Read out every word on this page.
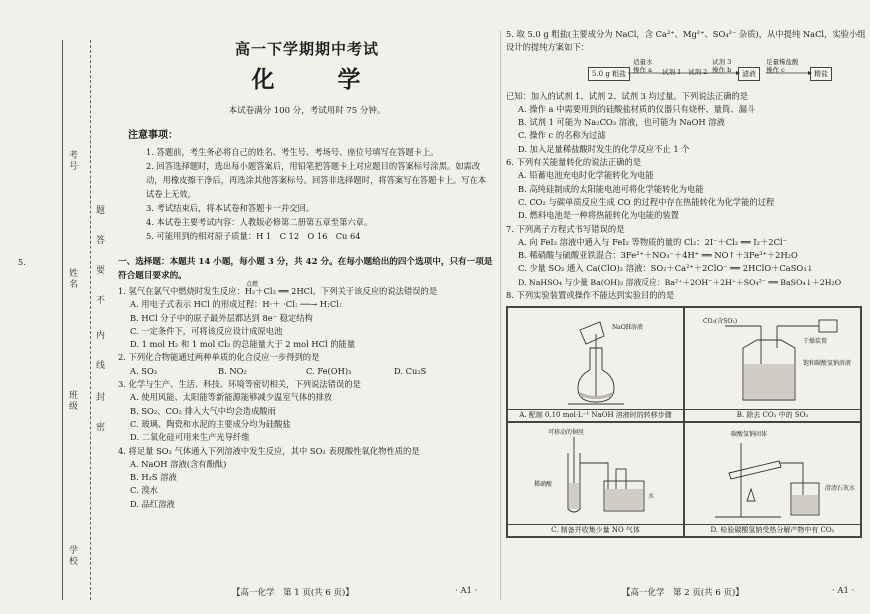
考号
姓名
班级
学校
题
答
要
不
内
线
封
密
5.
高一下学期期中考试
化　学
本试卷满分 100 分，考试用时 75 分钟。
注意事项：
1. 答题前，考生务必将自己的姓名、考生号、考场号、座位号填写在答题卡上。
2. 回答选择题时，选出每小题答案后，用铅笔把答题卡上对应题目的答案标号涂黑。如需改动，用橡皮擦干净后，再选涂其他答案标号。回答非选择题时，将答案写在答题卡上。写在本试卷上无效。
3. 考试结束后，将本试卷和答题卡一并交回。
4. 本试卷主要考试内容：人教版必修第二册第五章至第六章。
5. 可能用到的相对原子质量：H 1　C 12　O 16　Cu 64
一、选择题：本题共 14 小题，每小题 3 分，共 42 分。在每小题给出的四个选项中，只有一项是符合题目要求的。
1. 氢气在氯气中燃烧时发生反应：H₂＋Cl₂ ══ 2HCl。下列关于该反应的说法错误的是
点燃
A. 用电子式表示 HCl 的形成过程：H·＋ ·Cl: ──→ H:Cl:
B. HCl 分子中的原子最外层都达到 8e⁻ 稳定结构
C. 一定条件下，可将该反应设计成原电池
D. 1 mol H₂ 和 1 mol Cl₂ 的总能量大于 2 mol HCl 的能量
2. 下列化合物能通过两种单质的化合反应一步得到的是
A. SO₃	B. NO₂	C. Fe(OH)₃	D. Cu₂S
3. 化学与生产、生活、科技、环境等密切相关，下列说法错误的是
A. 使用风能、太阳能等新能源能够减少温室气体的排放
B. SO₂、CO₂ 排入大气中均会造成酸雨
C. 玻璃、陶瓷和水泥的主要成分均为硅酸盐
D. 二氧化硅可用来生产光导纤维
4. 将足量 SO₂ 气体通入下列溶液中发生反应，其中 SO₂ 表现酸性氧化物性质的是
A. NaOH 溶液(含有酚酞)
B. H₂S 溶液
C. 溴水
D. 品红溶液
【高一化学　第 1 页(共 6 页)】	· A1 ·
5. 取 5.0 g 粗盐(主要成分为 NaCl，含 Ca²⁺、Mg²⁺、SO₄²⁻ 杂质)，从中提纯 NaCl，实验小组设计的提纯方案如下：
5.0 g 粗盐
适量水
操作 a 试剂 1 试剂 2
试剂 3
操作 b	滤液
足量稀盐酸
操作 c	精盐
已知：加入的试剂 1、试剂 2、试剂 3 均过量。下列说法正确的是
A. 操作 a 中需要用到的硅酸盐材质的仪器只有烧杯、量筒、漏斗
B. 试剂 1 可能为 Na₂CO₃ 溶液，也可能为 NaOH 溶液
C. 操作 c 的名称为过滤
D. 加入足量稀盐酸时发生的化学反应不止 1 个
6. 下列有关能量转化的说法正确的是
A. 铅蓄电池充电时化学能转化为电能
B. 高纯硅制成的太阳能电池可将化学能转化为电能
C. CO₂ 与碳单质反应生成 CO 的过程中存在热能转化为化学能的过程
D. 燃料电池是一种将热能转化为电能的装置
7. 下列离子方程式书写错误的是
A. 向 FeI₂ 溶液中通入与 FeI₂ 等物质的量的 Cl₂：2I⁻＋Cl₂ ══ I₂＋2Cl⁻
B. 稀硝酸与硫酸亚铁混合：3Fe²⁺＋NO₃⁻＋4H⁺ ══ NO↑＋3Fe³⁺＋2H₂O
C. 少量 SO₂ 通入 Ca(ClO)₂ 溶液：SO₂＋Ca²⁺＋2ClO⁻ ══ 2HClO＋CaSO₃↓
D. NaHSO₄ 与少量 Ba(OH)₂ 溶液反应：Ba²⁺＋2OH⁻＋2H⁺＋SO₄²⁻ ══ BaSO₄↓＋2H₂O
8. 下列实验装置或操作不能达到实验目的的是
NaOH溶液
A. 配制 0.10 mol·L⁻¹ NaOH 溶液时的转移步骤
CO₂(含SO₂)
干燥装置
饱和碳酸氢钠溶液
B. 除去 CO₂ 中的 SO₂
可移动的铜丝
稀硝酸
水
C. 制备并收集少量 NO 气体
碳酸氢钠固体
澄清石灰水
D. 检验碳酸氢钠受热分解产物中有 CO₂
【高一化学　第 2 页(共 6 页)】	· A1 ·
